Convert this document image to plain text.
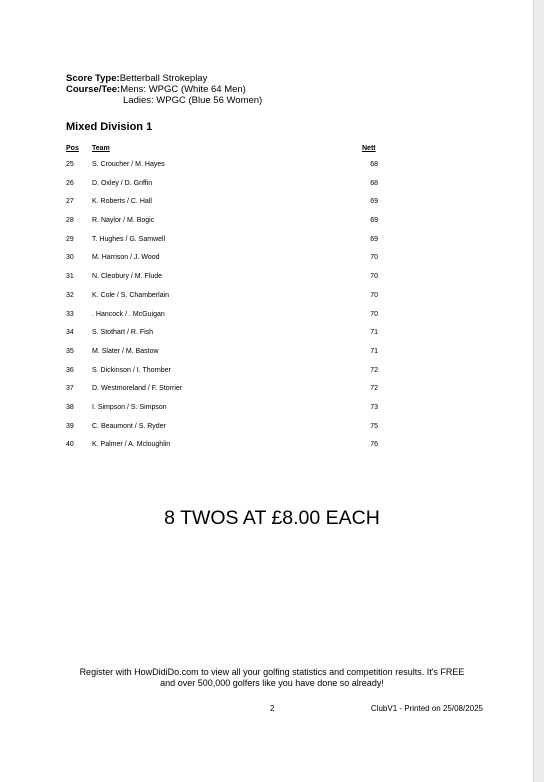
Score Type:Betterball Strokeplay
Course/Tee:Mens: WPGC (White 64 Men)
Ladies: WPGC (Blue 56 Women)
Mixed Division 1
Pos Team	Nett
25	S. Croucher / M. Hayes	68
26	D. Oxley / D. Griffin	68
27	K. Roberts / C. Hall	69
28	R. Naylor / M. Bogic	69
29	T. Hughes / G. Samwell	69
30	M. Harrison / J. Wood	70
31	N. Cleobury / M. Flude	70
32	K. Cole / S. Chamberlain	70
33	. Hancock / . McGuigan	70
34	S. Stothart / R. Fish	71
35	M. Slater / M. Bastow	71
36	S. Dickinson / I. Thornber	72
37	D. Westmoreland / F. Storrier	72
38	I. Simpson / S. Simpson	73
39	C. Beaumont / S. Ryder	75
40	K. Palmer / A. Mcloughlin	76
8 TWOS AT £8.00 EACH
Register with HowDidiDo.com to view all your golfing statistics and competition results. It's FREE
and over 500,000 golfers like you have done so already!
2	ClubV1 - Printed on 25/08/2025
